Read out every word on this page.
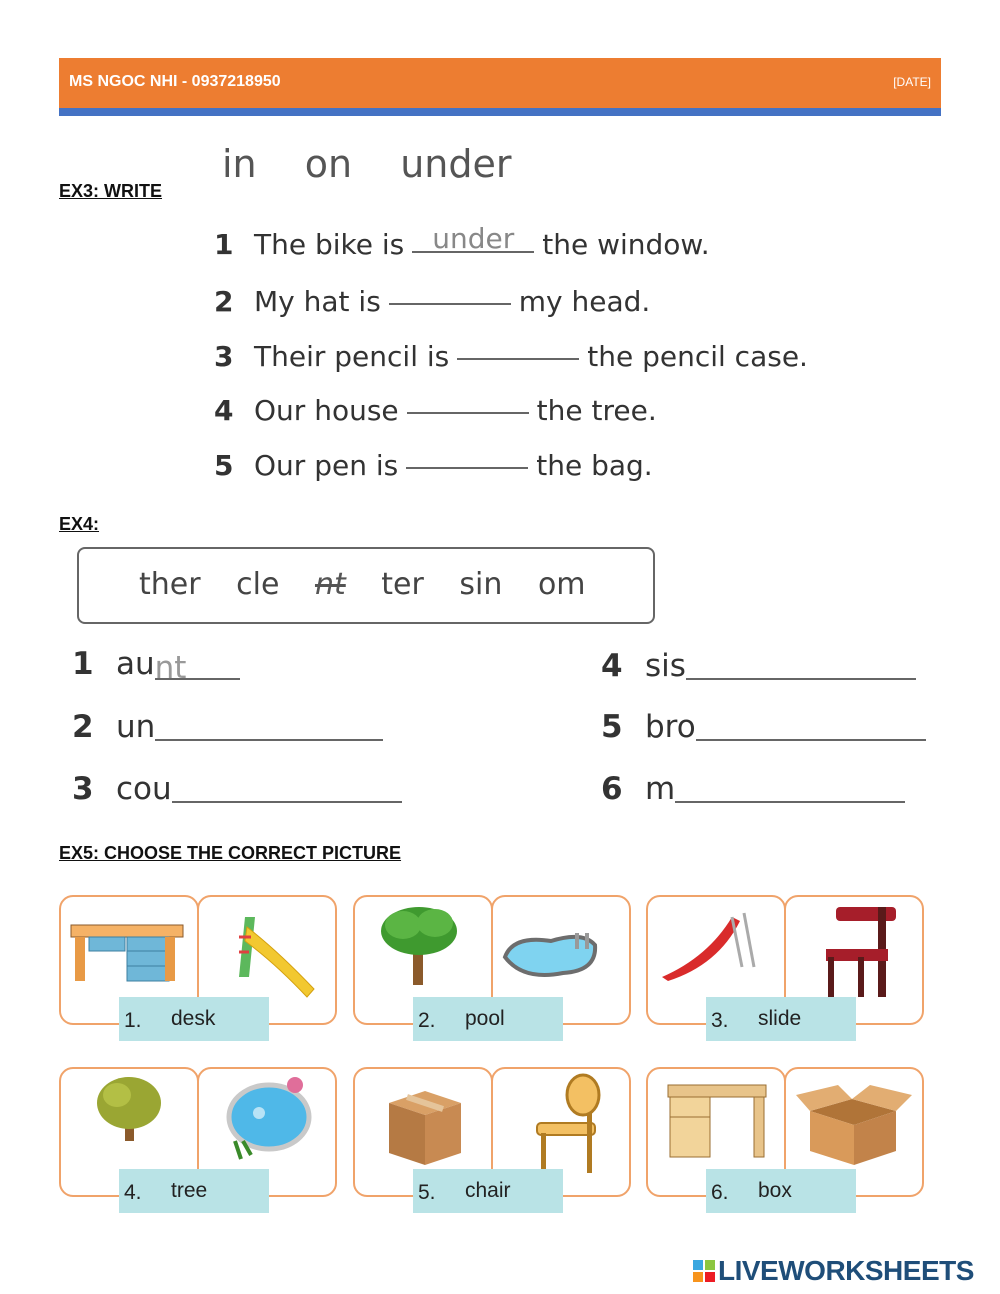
MS NGOC NHI - 0937218950	[DATE]
EX3: WRITE
in on under
1 The bike is under the window.
2 My hat is	my head.
3 Their pencil is	the pencil case.
4 Our house	the tree.
5 Our pen is	the bag.
EX4:
ther cle nt ter sin om
1 aunt
2 un
3 cou
4 sis
5 bro
6 m
EX5: CHOOSE THE CORRECT PICTURE
1. desk	2. pool	3. slide
4. tree	5. chair	6. box
LIVEWORKSHEETS
